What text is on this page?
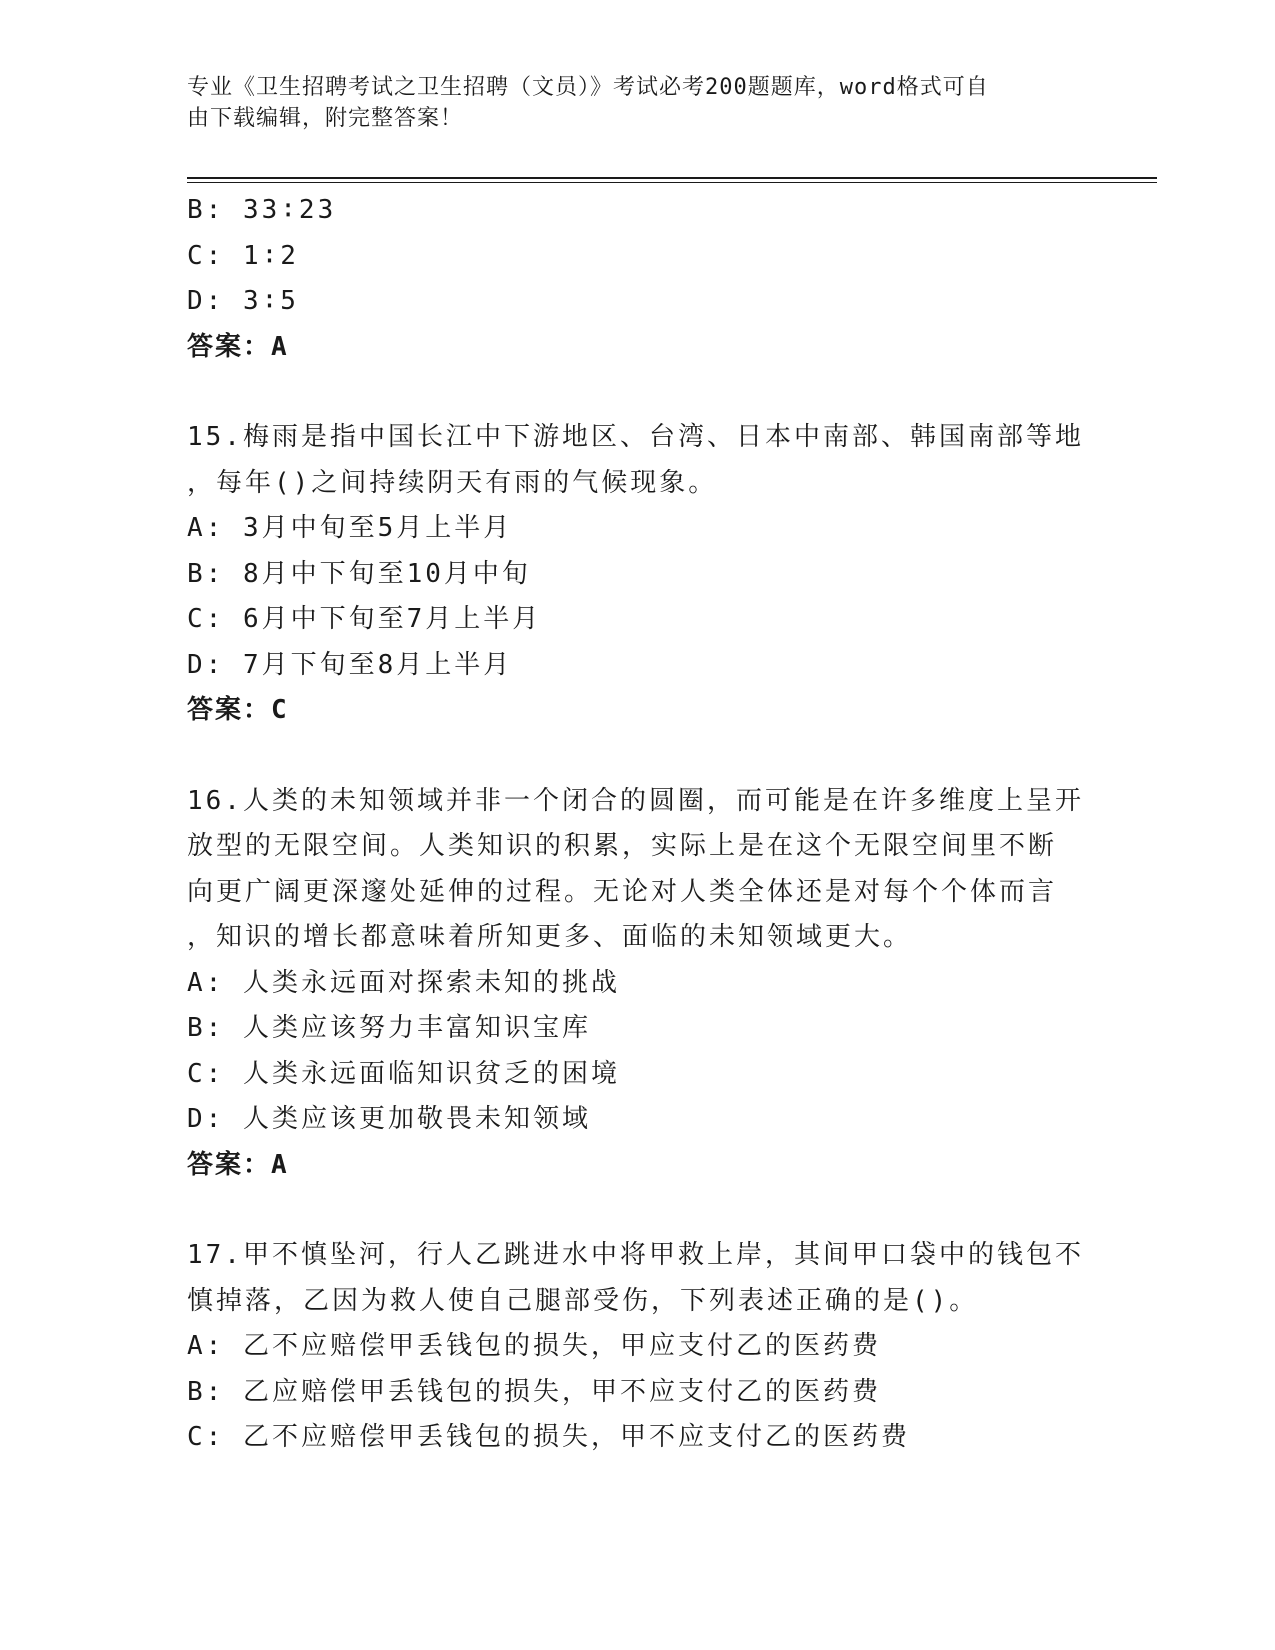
专业《卫生招聘考试之卫生招聘（文员）》考试必考200题题库，word格式可自
由下载编辑，附完整答案！
B: 33∶23
C: 1∶2
D: 3∶5
答案：A
15.梅雨是指中国长江中下游地区、台湾、日本中南部、韩国南部等地
，每年()之间持续阴天有雨的气候现象。
A: 3月中旬至5月上半月
B: 8月中下旬至10月中旬
C: 6月中下旬至7月上半月
D: 7月下旬至8月上半月
答案：C
16.人类的未知领域并非一个闭合的圆圈，而可能是在许多维度上呈开
放型的无限空间。人类知识的积累，实际上是在这个无限空间里不断
向更广阔更深邃处延伸的过程。无论对人类全体还是对每个个体而言
，知识的增长都意味着所知更多、面临的未知领域更大。
A: 人类永远面对探索未知的挑战
B: 人类应该努力丰富知识宝库
C: 人类永远面临知识贫乏的困境
D: 人类应该更加敬畏未知领域
答案：A
17.甲不慎坠河，行人乙跳进水中将甲救上岸，其间甲口袋中的钱包不
慎掉落，乙因为救人使自己腿部受伤，下列表述正确的是()。
A: 乙不应赔偿甲丢钱包的损失，甲应支付乙的医药费
B: 乙应赔偿甲丢钱包的损失，甲不应支付乙的医药费
C: 乙不应赔偿甲丢钱包的损失，甲不应支付乙的医药费
